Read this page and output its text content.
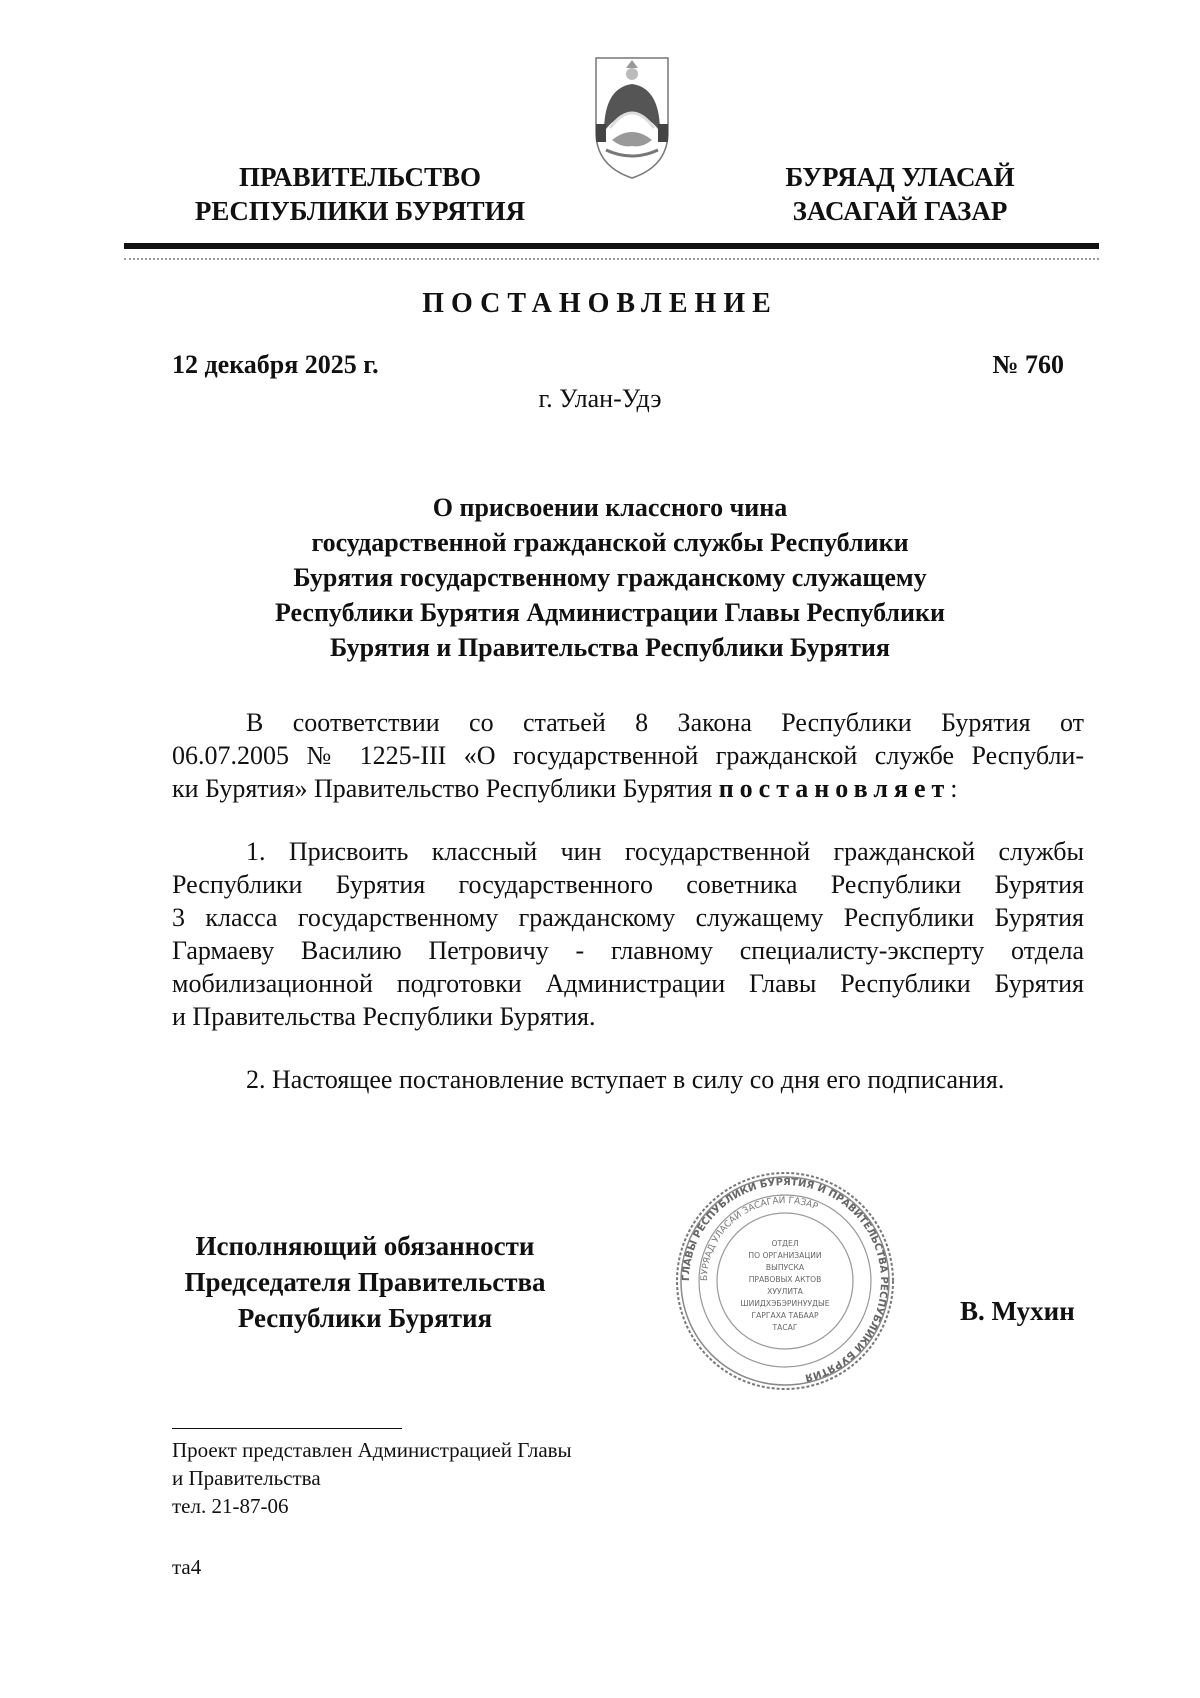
ПРАВИТЕЛЬСТВО
РЕСПУБЛИКИ БУРЯТИЯ
БУРЯАД УЛАСАЙ
ЗАСАГАЙ ГАЗАР
ПОСТАНОВЛЕНИЕ
12 декабря 2025 г.	№ 760
г. Улан-Удэ
О присвоении классного чина
государственной гражданской службы Республики
Бурятия государственному гражданскому служащему
Республики Бурятия Администрации Главы Республики
Бурятия и Правительства Республики Бурятия
В соответствии со статьей 8 Закона Республики Бурятия от
06.07.2005 № 1225-III «О государственной гражданской службе Республи-
ки Бурятия» Правительство Республики Бурятия постановляет:
1. Присвоить классный чин государственной гражданской службы
Республики Бурятия государственного советника Республики Бурятия
3 класса государственному гражданскому служащему Республики Бурятия
Гармаеву Василию Петровичу - главному специалисту-эксперту отдела
мобилизационной подготовки Администрации Главы Республики Бурятия
и Правительства Республики Бурятия.
2. Настоящее постановление вступает в силу со дня его подписания.
Исполняющий обязанности
Председателя Правительства
Республики Бурятия
ГЛАВЫ РЕСПУБЛИКИ БУРЯТИЯ И ПРАВИТЕЛЬСТВА РЕСПУБЛИКИ БУРЯТИЯ
БУРЯАД УЛАСАЙ ЗАСАГАЙ ГАЗАР
ОТДЕЛ
ПО ОРГАНИЗАЦИИ
ВЫПУСКА
ПРАВОВЫХ АКТОВ
ХУУЛИТА
ШИИДХЭБЭРИНУУДЫЕ
ГАРГАХА ТАБААР
ТАСАГ
В. Мухин
Проект представлен Администрацией Главы
и Правительства
тел. 21-87-06
та4
